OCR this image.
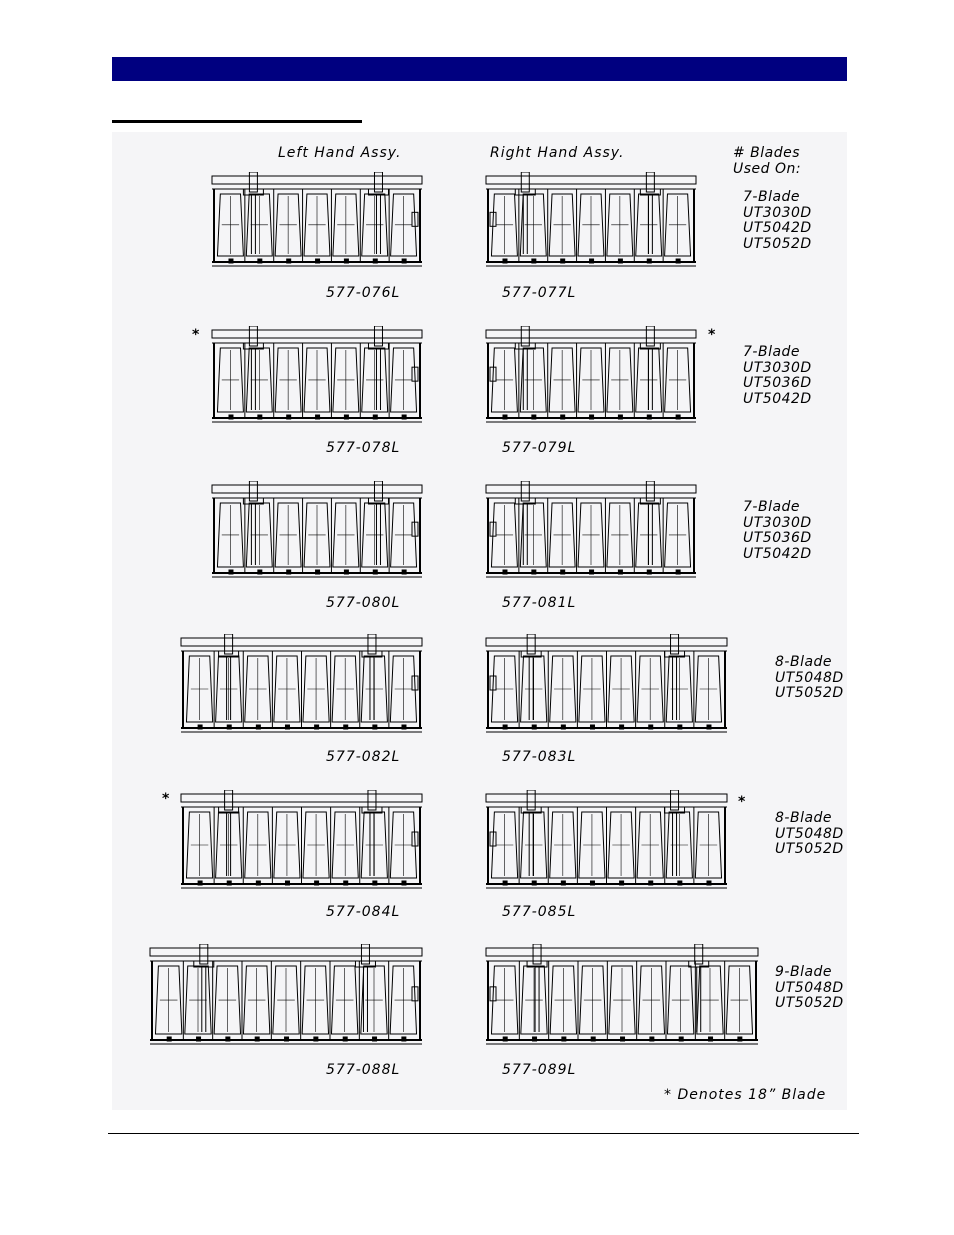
Left Hand Assy.	Right Hand Assy.	# Blades
Used On:
577-076L	577-077L
7-Blade
UT3030D
UT5042D
UT5052D
*	*
577-078L	577-079L
7-Blade
UT3030D
UT5036D
UT5042D
577-080L	577-081L
7-Blade
UT3030D
UT5036D
UT5042D
577-082L	577-083L
8-Blade
UT5048D
UT5052D
*	*
577-084L	577-085L
8-Blade
UT5048D
UT5052D
577-088L	577-089L
9-Blade
UT5048D
UT5052D
* Denotes 18” Blade
